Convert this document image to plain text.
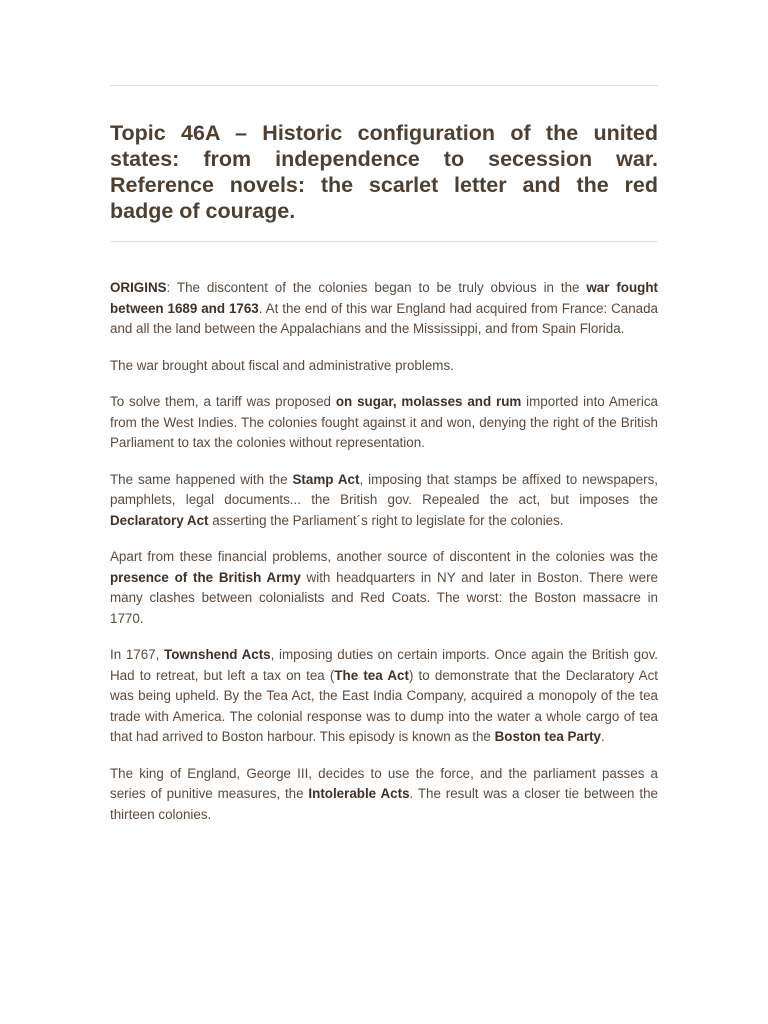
Topic 46A – Historic configuration of the united states: from independence to secession war. Reference novels: the scarlet letter and the red badge of courage.

ORIGINS: The discontent of the colonies began to be truly obvious in the war fought between 1689 and 1763. At the end of this war England had acquired from France: Canada and all the land between the Appalachians and the Mississippi, and from Spain Florida.

The war brought about fiscal and administrative problems.

To solve them, a tariff was proposed on sugar, molasses and rum imported into America from the West Indies. The colonies fought against it and won, denying the right of the British Parliament to tax the colonies without representation.

The same happened with the Stamp Act, imposing that stamps be affixed to newspapers, pamphlets, legal documents... the British gov. Repealed the act, but imposes the Declaratory Act asserting the Parliament´s right to legislate for the colonies.

Apart from these financial problems, another source of discontent in the colonies was the presence of the British Army with headquarters in NY and later in Boston. There were many clashes between colonialists and Red Coats. The worst: the Boston massacre in 1770.

In 1767, Townshend Acts, imposing duties on certain imports. Once again the British gov. Had to retreat, but left a tax on tea (The tea Act) to demonstrate that the Declaratory Act was being upheld. By the Tea Act, the East India Company, acquired a monopoly of the tea trade with America. The colonial response was to dump into the water a whole cargo of tea that had arrived to Boston harbour. This episody is known as the Boston tea Party.

The king of England, George III, decides to use the force, and the parliament passes a series of punitive measures, the Intolerable Acts. The result was a closer tie between the thirteen colonies.
